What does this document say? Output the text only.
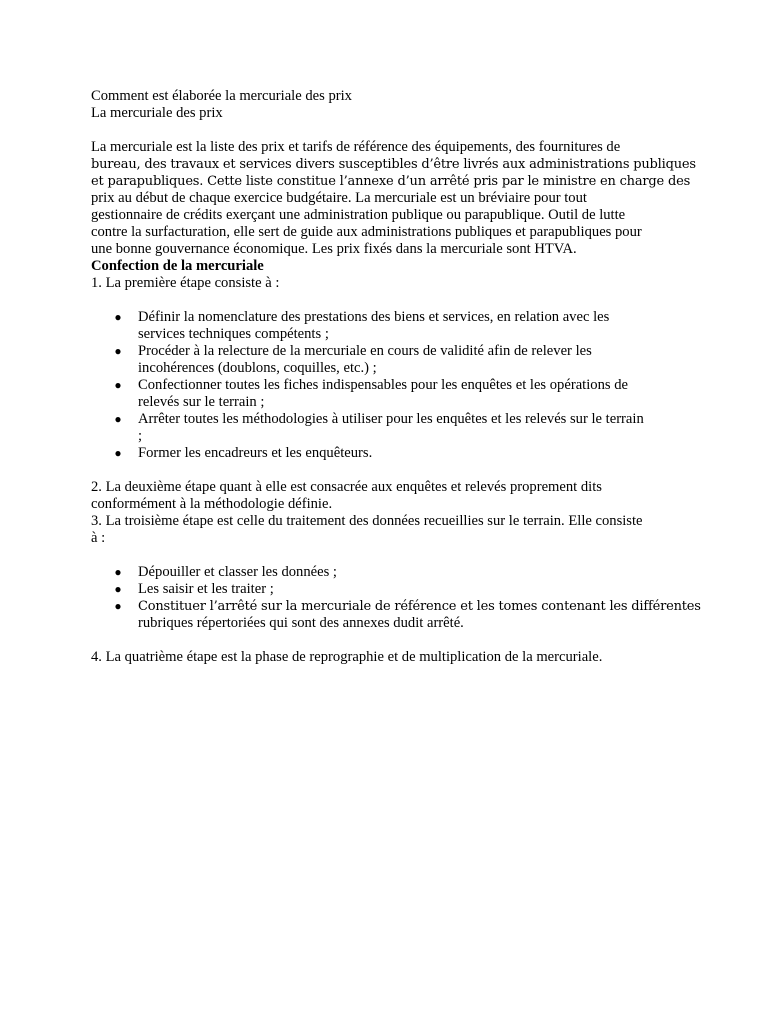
Comment est élaborée la mercuriale des prix
La mercuriale des prix
La mercuriale est la liste des prix et tarifs de référence des équipements, des fournitures de
bureau, des travaux et services divers susceptibles d’être livrés aux administrations publiques
et parapubliques. Cette liste constitue l’annexe d’un arrêté pris par le ministre en charge des
prix au début de chaque exercice budgétaire. La mercuriale est un bréviaire pour tout
gestionnaire de crédits exerçant une administration publique ou parapublique. Outil de lutte
contre la surfacturation, elle sert de guide aux administrations publiques et parapubliques pour
une bonne gouvernance économique. Les prix fixés dans la mercuriale sont HTVA.
Confection de la mercuriale
1. La première étape consiste à :
● Définir la nomenclature des prestations des biens et services, en relation avec les
services techniques compétents ;
● Procéder à la relecture de la mercuriale en cours de validité afin de relever les
incohérences (doublons, coquilles, etc.) ;
● Confectionner toutes les fiches indispensables pour les enquêtes et les opérations de
relevés sur le terrain ;
● Arrêter toutes les méthodologies à utiliser pour les enquêtes et les relevés sur le terrain
;
● Former les encadreurs et les enquêteurs.
2. La deuxième étape quant à elle est consacrée aux enquêtes et relevés proprement dits
conformément à la méthodologie définie.
3. La troisième étape est celle du traitement des données recueillies sur le terrain. Elle consiste
à :
● Dépouiller et classer les données ;
● Les saisir et les traiter ;
● Constituer l’arrêté sur la mercuriale de référence et les tomes contenant les différentes
rubriques répertoriées qui sont des annexes dudit arrêté.
4. La quatrième étape est la phase de reprographie et de multiplication de la mercuriale.
